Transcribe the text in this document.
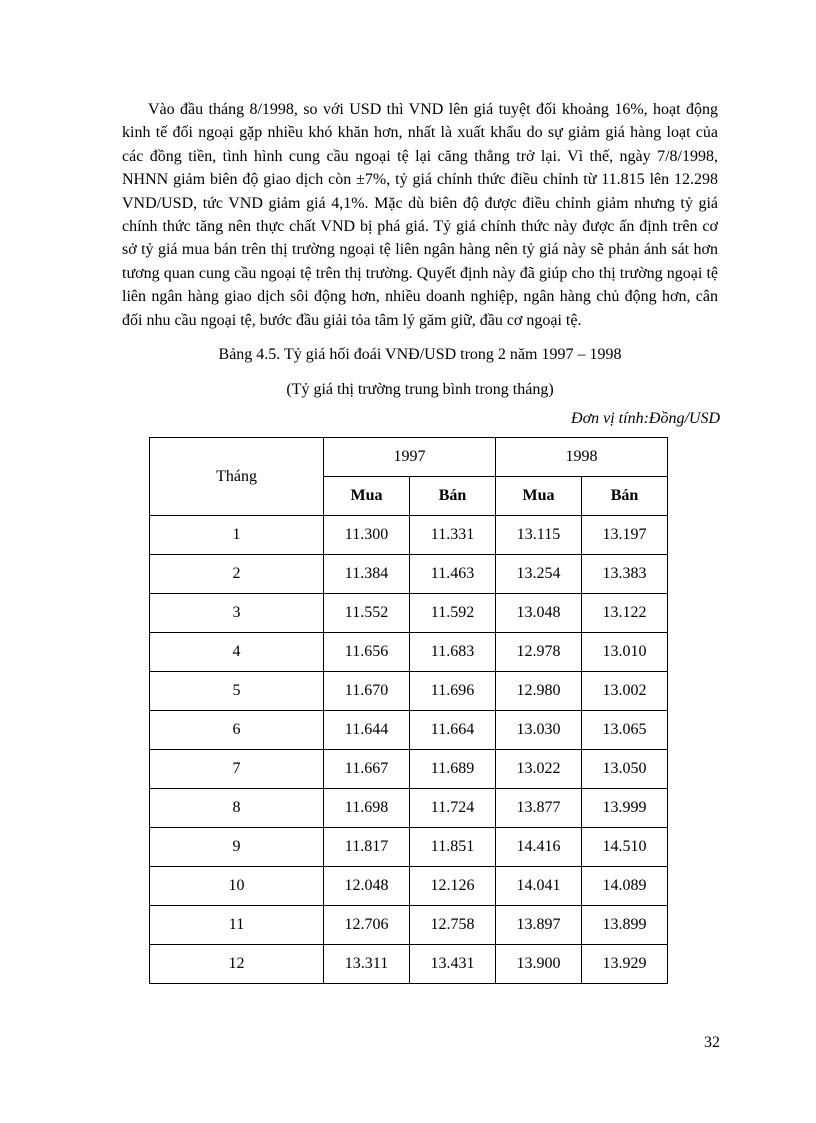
Vào đầu tháng 8/1998, so với USD thì VND lên giá tuyệt đối khoảng 16%, hoạt động kinh tế đối ngoại gặp nhiều khó khăn hơn, nhất là xuất khẩu do sự giảm giá hàng loạt của các đồng tiền, tình hình cung cầu ngoại tệ lại căng thẳng trở lại. Vì thế, ngày 7/8/1998, NHNN giảm biên độ giao dịch còn ±7%, tỷ giá chính thức điều chỉnh từ 11.815 lên 12.298 VND/USD, tức VND giảm giá 4,1%. Mặc dù biên độ được điều chỉnh giảm nhưng tỷ giá chính thức tăng nên thực chất VND bị phá giá. Tỷ giá chính thức này được ấn định trên cơ sở tỷ giá mua bán trên thị trường ngoại tệ liên ngân hàng nên tỷ giá này sẽ phản ánh sát hơn tương quan cung cầu ngoại tệ trên thị trường. Quyết định này đã giúp cho thị trường ngoại tệ liên ngân hàng giao dịch sôi động hơn, nhiều doanh nghiệp, ngân hàng chủ động hơn, cân đối nhu cầu ngoại tệ, bước đầu giải tỏa tâm lý găm giữ, đầu cơ ngoại tệ.

Bảng 4.5. Tỷ giá hối đoái VNĐ/USD trong 2 năm 1997 – 1998

(Tỷ giá thị trường trung bình trong tháng)

Đơn vị tính:Đồng/USD

Tháng	1997		1998	
	Mua	Bán	Mua	Bán
1	11.300	11.331	13.115	13.197
2	11.384	11.463	13.254	13.383
3	11.552	11.592	13.048	13.122
4	11.656	11.683	12.978	13.010
5	11.670	11.696	12.980	13.002
6	11.644	11.664	13.030	13.065
7	11.667	11.689	13.022	13.050
8	11.698	11.724	13.877	13.999
9	11.817	11.851	14.416	14.510
10	12.048	12.126	14.041	14.089
11	12.706	12.758	13.897	13.899
12	13.311	13.431	13.900	13.929

32
